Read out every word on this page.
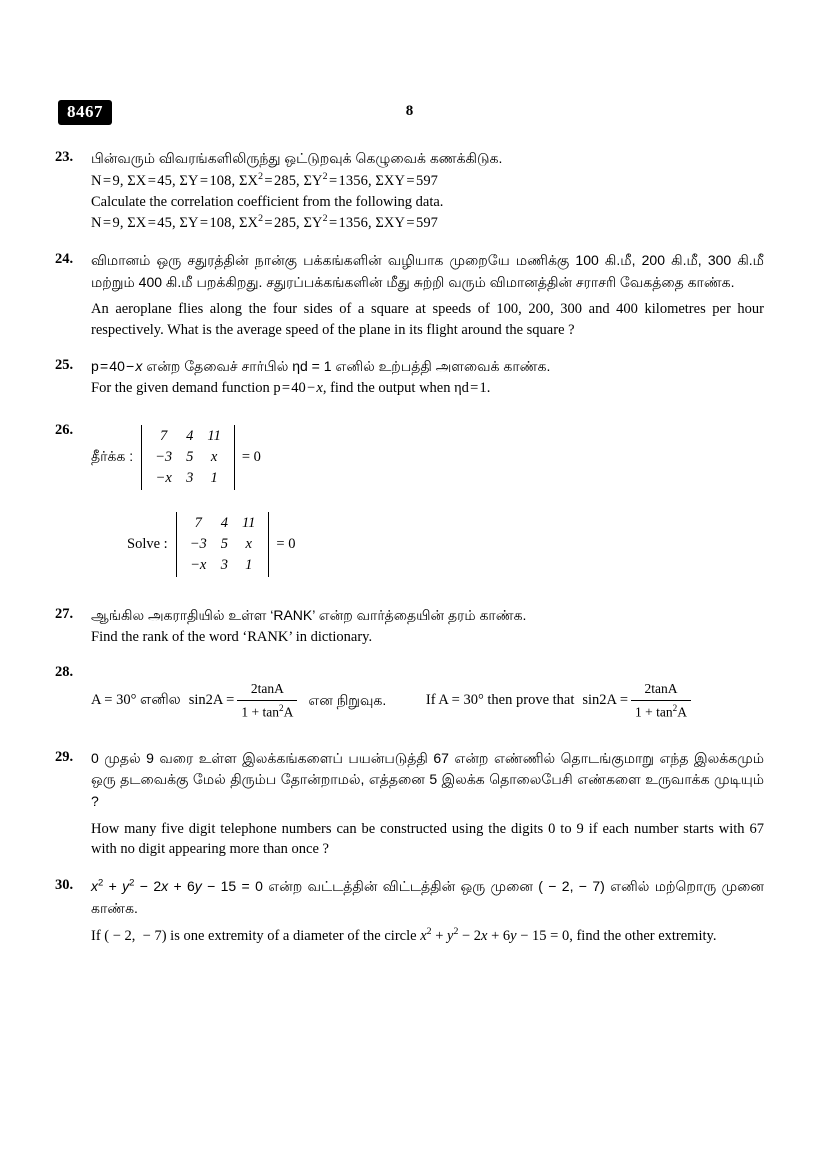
8467	8
23.	பின்வரும் விவரங்களிலிருந்து ஒட்டுறவுக் கெழுவைக் கணக்கிடுக.
N = 9, ΣX = 45, ΣY = 108, $\Sigma X^2$ = 285, $\Sigma Y^2$ = 1356, ΣXY = 597
Calculate the correlation coefficient from the following data.
N = 9, ΣX = 45, ΣY = 108, $\Sigma X^2$ = 285, $\Sigma Y^2$ = 1356, ΣXY = 597
24.	விமானம் ஒரு சதுரத்தின் நான்கு பக்கங்களின் வழியாக முறையே மணிக்கு 100 கி.மீ, 200 கி.மீ, 300 கி.மீ மற்றும் 400 கி.மீ பறக்கிறது. சதுரப்பக்கங்களின் மீது சுற்றி வரும் விமானத்தின் சராசரி வேகத்தை காண்க.
An aeroplane flies along the four sides of a square at speeds of 100, 200, 300 and 400 kilometres per hour respectively. What is the average speed of the plane in its flight around the square ?
25.	p = 40 − x என்ற தேவைச் சார்பில் ηd = 1 எனில் உற்பத்தி அளவைக் காண்க.
For the given demand function p = 40 − x, find the output when ηd = 1.
26.
தீர்க்க :
7	4	11
−3	5	x
−x	3	1
= 0
Solve :
7	4	11
−3	5	x
−x	3	1
= 0
27.	ஆங்கில அகராதியில் உள்ள ‘RANK’ என்ற வார்த்தையின் தரம் காண்க.
Find the rank of the word ‘RANK’ in dictionary.
28.
A = 30° எனில $\sin 2A = \frac{2\tan A}{1 + \tan^2A}$ என நிறுவுக.
	If A = 30° then prove that $\sin 2A = \frac{2\tan A}{1 + \tan^2A}$
29.	0 முதல் 9 வரை உள்ள இலக்கங்களைப் பயன்படுத்தி 67 என்ற எண்ணில் தொடங்குமாறு எந்த இலக்கமும் ஒரு தடவைக்கு மேல் திரும்ப தோன்றாமல், எத்தனை 5 இலக்க தொலைபேசி எண்களை உருவாக்க முடியும் ?
How many five digit telephone numbers can be constructed using the digits 0 to 9 if each number starts with 67 with no digit appearing more than once ?
30.	$x^2 + y^2 - 2x + 6y - 15 = 0$ என்ற வட்டத்தின் விட்டத்தின் ஒரு முனை ( − 2, − 7) எனில் மற்றொரு முனை காண்க.
If ( − 2,  − 7) is one extremity of a diameter of the circle $x^2 + y^2 - 2x + 6y - 15 = 0$, find the other extremity.
